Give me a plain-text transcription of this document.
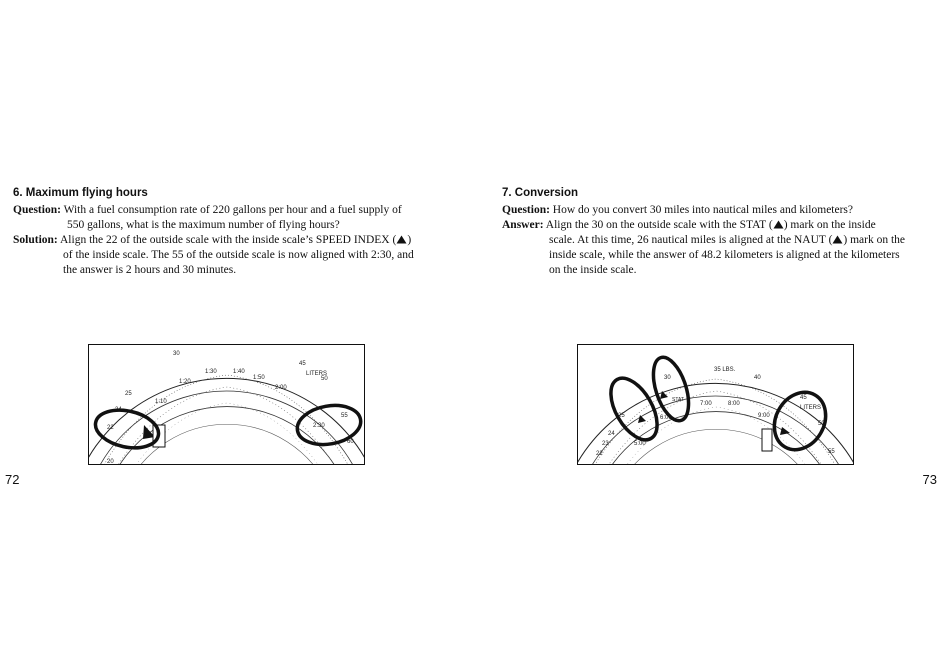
6. Maximum flying hours
Question: With a fuel consumption rate of 220 gallons per hour and a fuel supply of
550 gallons, what is the maximum number of flying hours?
Solution: Align the 22 of the outside scale with the inside scale’s SPEED INDEX ( )
of the inside scale. The 55 of the outside scale is now aligned with 2:30, and
the answer is 2 hours and 30 minutes.
20
22
24
25
30
45
50
55
60
LITERS
1:10
1:20
1:30	1:40
1:50
2:00
2:30
72
7. Conversion
Question: How do you convert 30 miles into nautical miles and kilometers?
Answer: Align the 30 on the outside scale with the STAT ( ) mark on the inside
scale. At this time, 26 nautical miles is aligned at the NAUT ( ) mark on the
inside scale, while the answer of 48.2 kilometers is aligned at the kilometers
on the inside scale.
22
23
24
25
30	40
45
50
55
35 LBS.
LITERS
STAT
5:00
6:00
7:00	8:00
9:00
73
